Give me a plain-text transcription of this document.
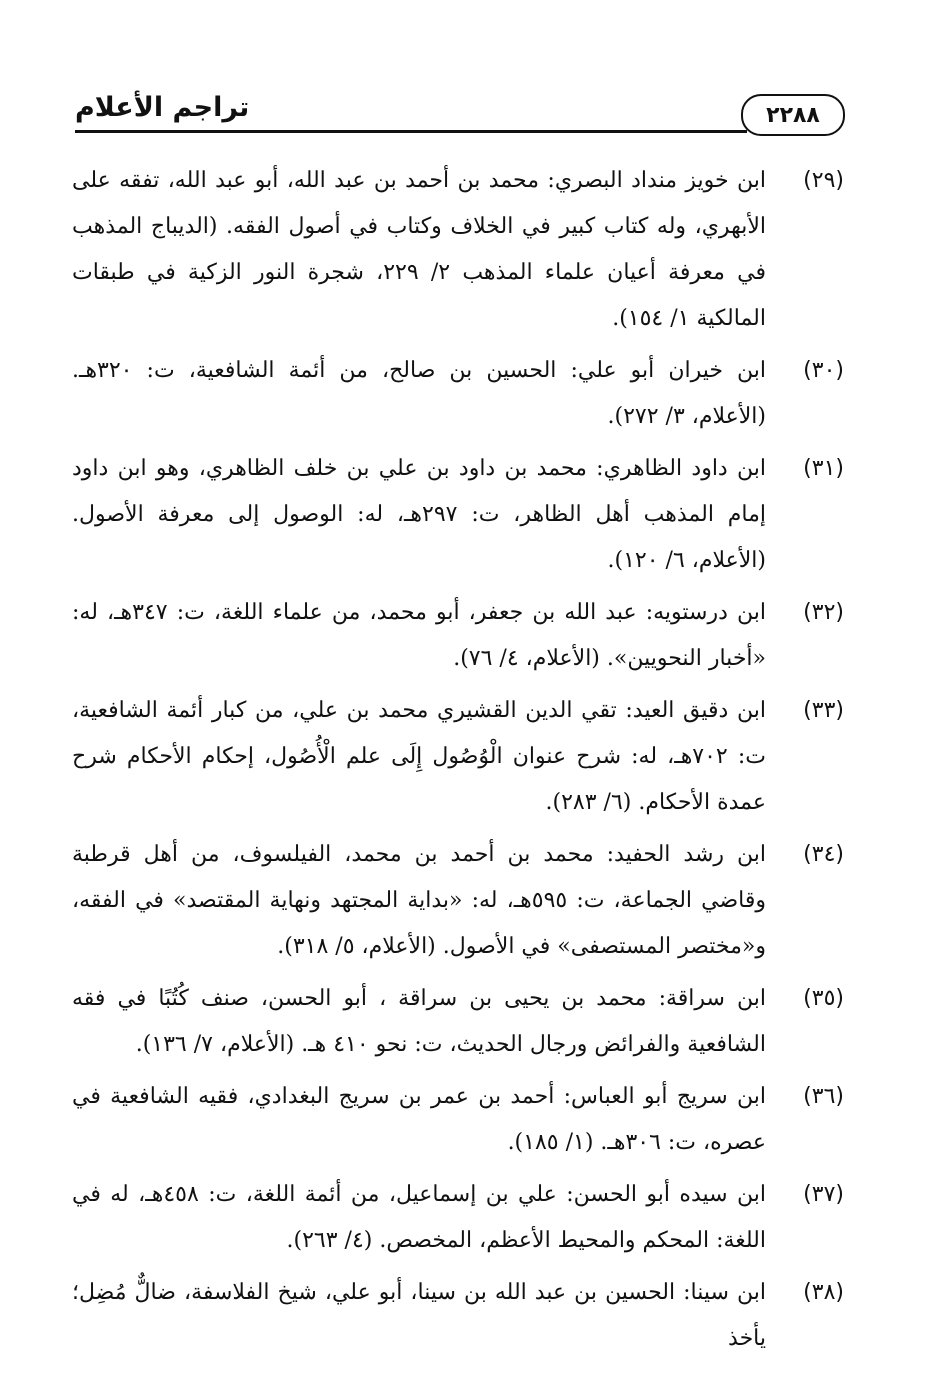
تراجم الأعلام	٢٢٨٨
(٢٩)
ابن خويز منداد البصري: محمد بن أحمد بن عبد الله، أبو عبد الله، تفقه على الأبهري، وله كتاب كبير في الخلاف وكتاب في أصول الفقه. (الديباج المذهب في معرفة أعيان علماء المذهب ٢/ ٢٢٩، شجرة النور الزكية في طبقات المالكية ١/ ١٥٤).
(٣٠)
ابن خيران أبو علي: الحسين بن صالح، من أئمة الشافعية، ت: ٣٢٠هـ. (الأعلام، ٣/ ٢٧٢).
(٣١)
ابن داود الظاهري: محمد بن داود بن علي بن خلف الظاهري، وهو ابن داود إمام المذهب أهل الظاهر، ت: ٢٩٧هـ، له: الوصول إلى معرفة الأصول. (الأعلام، ٦/ ١٢٠).
(٣٢)
ابن درستويه: عبد الله بن جعفر، أبو محمد، من علماء اللغة، ت: ٣٤٧هـ، له: «أخبار النحويين». (الأعلام، ٤/ ٧٦).
(٣٣)
ابن دقيق العيد: تقي الدين القشيري محمد بن علي، من كبار أئمة الشافعية، ت: ٧٠٢هـ، له: شرح عنوان الْوُصُول إِلَى علم الْأُصُول، إحكام الأحكام شرح عمدة الأحكام. (٦/ ٢٨٣).
(٣٤)
ابن رشد الحفيد: محمد بن أحمد بن محمد، الفيلسوف، من أهل قرطبة وقاضي الجماعة، ت: ٥٩٥هـ، له: «بداية المجتهد ونهاية المقتصد» في الفقه، و«مختصر المستصفى» في الأصول. (الأعلام، ٥/ ٣١٨).
(٣٥)
ابن سراقة: محمد بن يحيى بن سراقة ، أبو الحسن، صنف كُتُبًا في فقه الشافعية والفرائض ورجال الحديث، ت: نحو ٤١٠ هـ. (الأعلام، ٧/ ١٣٦).
(٣٦)
ابن سريج أبو العباس: أحمد بن عمر بن سريج البغدادي، فقيه الشافعية في عصره، ت: ٣٠٦هـ. (١/ ١٨٥).
(٣٧)
ابن سيده أبو الحسن: علي بن إسماعيل، من أئمة اللغة، ت: ٤٥٨هـ، له في اللغة: المحكم والمحيط الأعظم، المخصص. (٤/ ٢٦٣).
(٣٨)
ابن سينا: الحسين بن عبد الله بن سينا، أبو علي، شيخ الفلاسفة، ضالٌّ مُضِل؛ يأخذ
